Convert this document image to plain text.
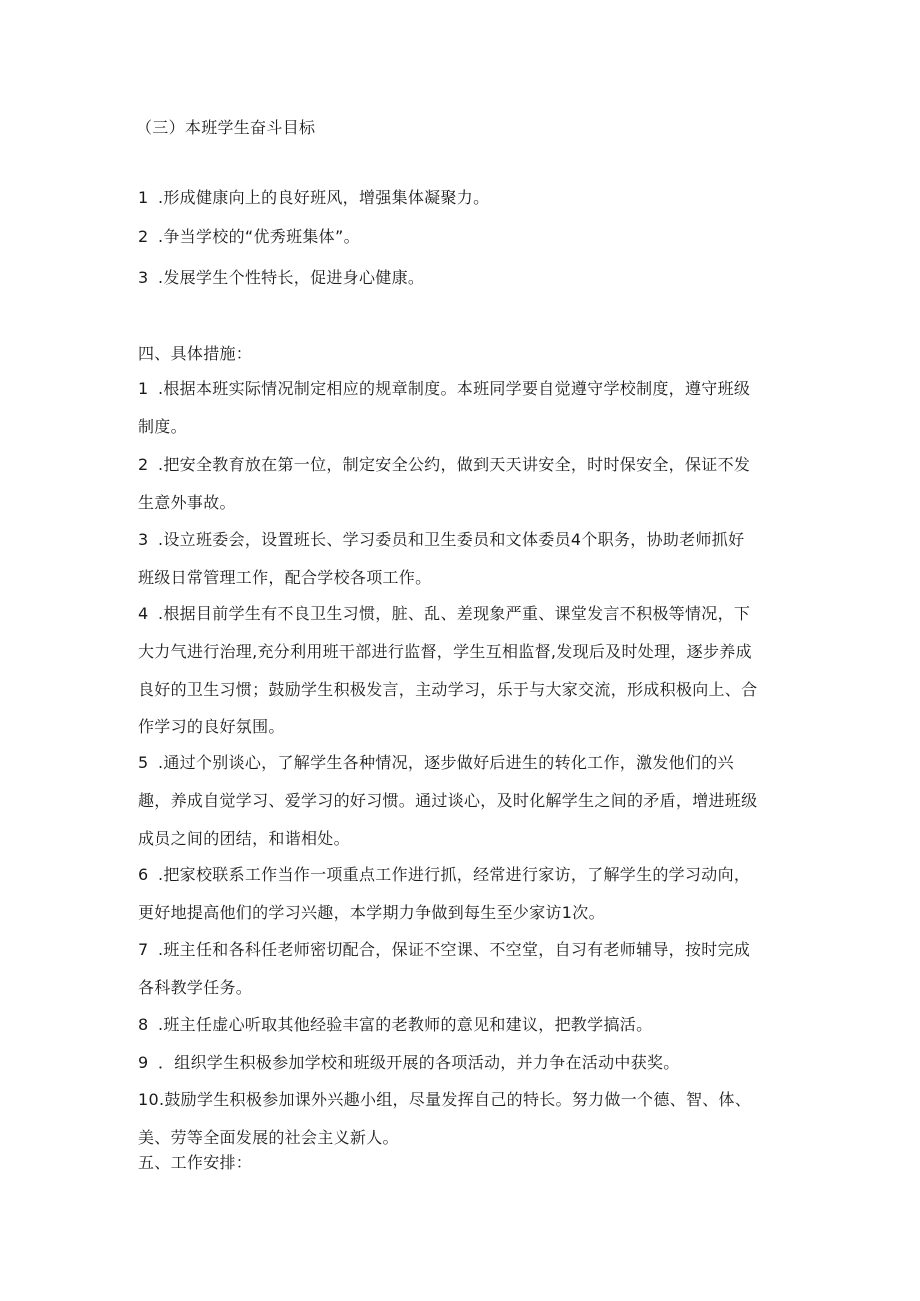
（三）本班学生奋斗目标
1 .形成健康向上的良好班风，增强集体凝聚力。
2 .争当学校的“优秀班集体”。
3 .发展学生个性特长，促进身心健康。
四、具体措施：
1 .根据本班实际情况制定相应的规章制度。本班同学要自觉遵守学校制度，遵守班级
制度。
2 .把安全教育放在第一位，制定安全公约，做到天天讲安全，时时保安全，保证不发
生意外事故。
3 .设立班委会，设置班长、学习委员和卫生委员和文体委员4个职务，协助老师抓好
班级日常管理工作，配合学校各项工作。
4 .根据目前学生有不良卫生习惯，脏、乱、差现象严重、课堂发言不积极等情况，下
大力气进行治理,充分利用班干部进行监督，学生互相监督,发现后及时处理，逐步养成
良好的卫生习惯；鼓励学生积极发言，主动学习，乐于与大家交流，形成积极向上、合
作学习的良好氛围。
5 .通过个别谈心，了解学生各种情况，逐步做好后进生的转化工作，激发他们的兴
趣，养成自觉学习、爱学习的好习惯。通过谈心，及时化解学生之间的矛盾，增进班级
成员之间的团结，和谐相处。
6 .把家校联系工作当作一项重点工作进行抓，经常进行家访，了解学生的学习动向，
更好地提高他们的学习兴趣，本学期力争做到每生至少家访1次。
7 .班主任和各科任老师密切配合，保证不空课、不空堂，自习有老师辅导，按时完成
各科教学任务。
8 .班主任虚心听取其他经验丰富的老教师的意见和建议，把教学搞活。
9 ．组织学生积极参加学校和班级开展的各项活动，并力争在活动中获奖。
10.鼓励学生积极参加课外兴趣小组，尽量发挥自己的特长。努力做一个德、智、体、
美、劳等全面发展的社会主义新人。
五、工作安排：
